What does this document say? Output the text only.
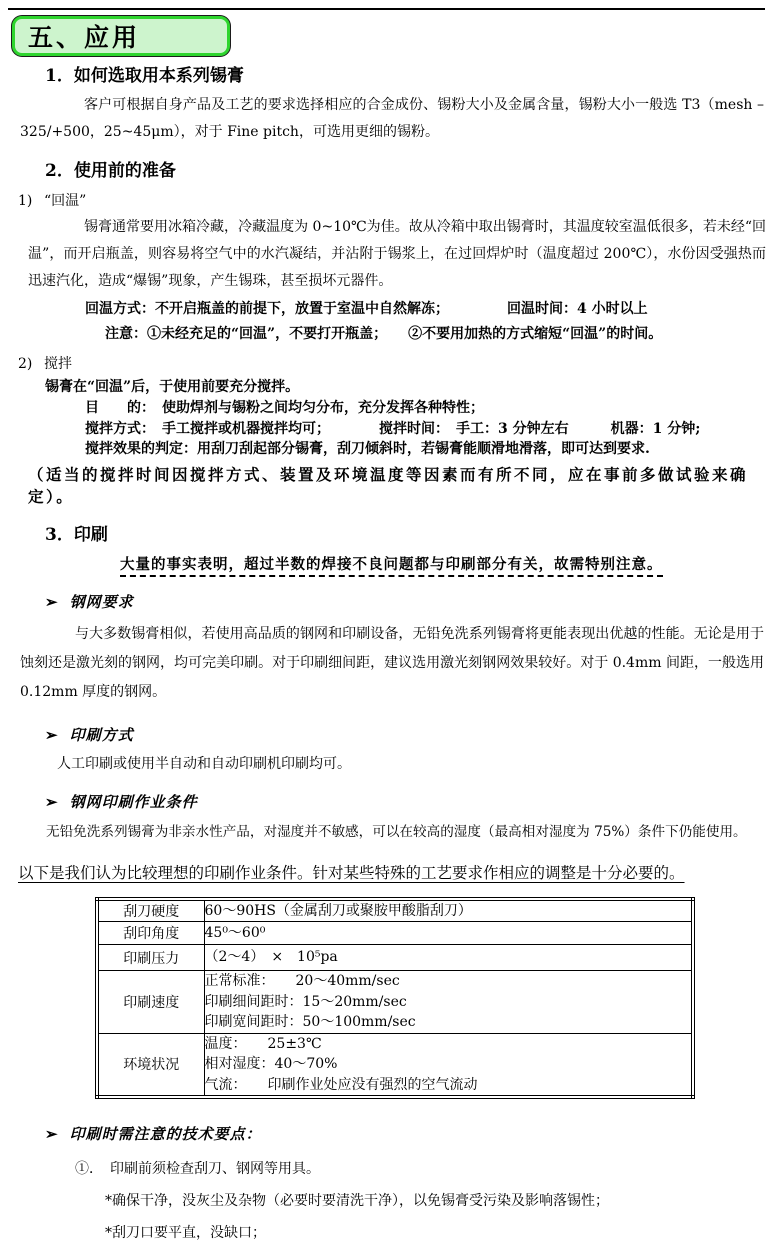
五、应用
1．如何选取用本系列锡膏
客户可根据自身产品及工艺的要求选择相应的合金成份、锡粉大小及金属含量，锡粉大小一般选 T3（mesh –325/+500，25~45μm），对于 Fine pitch，可选用更细的锡粉。
2．使用前的准备
1) “回温”
锡膏通常要用冰箱冷藏，冷藏温度为 0~10℃为佳。故从冷箱中取出锡膏时，其温度较室温低很多，若未经“回温”，而开启瓶盖，则容易将空气中的水汽凝结，并沾附于锡浆上，在过回焊炉时（温度超过 200℃），水份因受强热而迅速汽化，造成“爆锡”现象，产生锡珠，甚至损坏元器件。
回温方式：不开启瓶盖的前提下，放置于室温中自然解冻；	回温时间：4 小时以上
注意：①未经充足的“回温”，不要打开瓶盖；　　②不要用加热的方式缩短“回温”的时间。
2) 搅拌
锡膏在“回温”后，于使用前要充分搅拌。
目　　的：　使助焊剂与锡粉之间均匀分布，充分发挥各种特性；
搅拌方式：　手工搅拌或机器搅拌均可；　　　　搅拌时间：　手工：3 分钟左右　　　机器：1 分钟;
搅拌效果的判定：用刮刀刮起部分锡膏，刮刀倾斜时，若锡膏能顺滑地滑落，即可达到要求.
（适当的搅拌时间因搅拌方式、装置及环境温度等因素而有所不同，应在事前多做试验来确定）。
3．印刷
大量的事实表明，超过半数的焊接不良问题都与印刷部分有关，故需特别注意。
➢ 钢网要求
与大多数锡膏相似，若使用高品质的钢网和印刷设备，无铅免洗系列锡膏将更能表现出优越的性能。无论是用于蚀刻还是激光刻的钢网，均可完美印刷。对于印刷细间距，建议选用激光刻钢网效果较好。对于 0.4mm 间距，一般选用 0.12mm 厚度的钢网。
➢ 印刷方式
人工印刷或使用半自动和自动印刷机印刷均可。
➢ 钢网印刷作业条件
无铅免洗系列锡膏为非亲水性产品，对湿度并不敏感，可以在较高的湿度（最高相对湿度为 75%）条件下仍能使用。
以下是我们认为比较理想的印刷作业条件。针对某些特殊的工艺要求作相应的调整是十分必要的。
刮刀硬度	60～90HS（金属刮刀或聚胺甲酸脂刮刀）

刮印角度	45⁰～60⁰

印刷压力	（2～4）　×　10⁵pa

印刷速度	正常标准：　　20～40mm/sec
印刷细间距时：15～20mm/sec
印刷宽间距时：50～100mm/sec

环境状况	温度：　　25±3℃
相对湿度：40～70%
气流：　　印刷作业处应没有强烈的空气流动
➢ 印刷时需注意的技术要点：
①．　印刷前须检查刮刀、钢网等用具。
*确保干净，没灰尘及杂物（必要时要清洗干净），以免锡膏受污染及影响落锡性；
*刮刀口要平直，没缺口；
